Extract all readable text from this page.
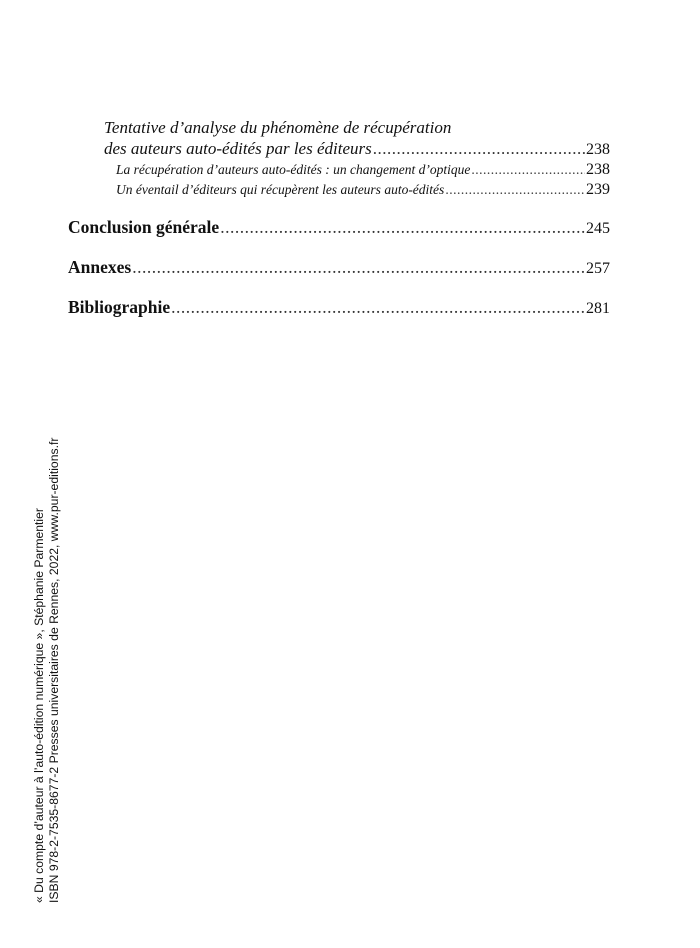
Tentative d’analyse du phénomène de récupération
des auteurs auto-édités par les éditeurs .....	238
La récupération d’auteurs auto-édités : un changement d’optique .....	238
Un éventail d’éditeurs qui récupèrent les auteurs auto-édités .....	239
Conclusion générale .....	245
Annexes .....	257
Bibliographie .....	281
« Du compte d’auteur à l’auto-édition numérique », Stéphanie Parmentier ISBN 978-2-7535-8677-2 Presses universitaires de Rennes, 2022, www.pur-editions.fr
